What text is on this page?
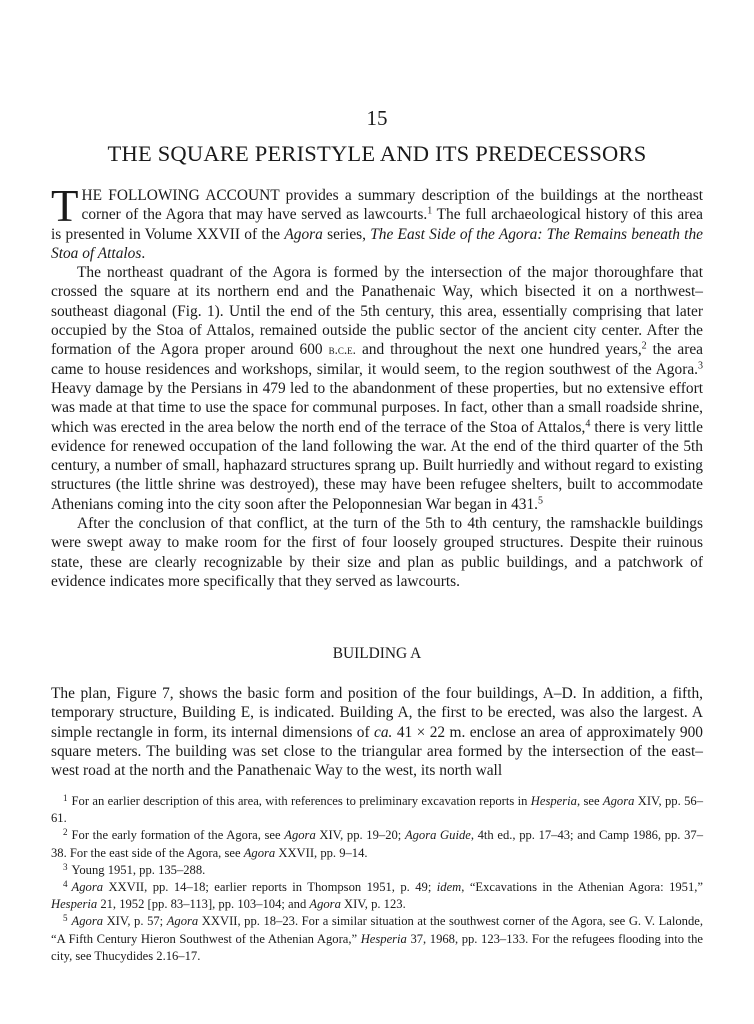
15
THE SQUARE PERISTYLE AND ITS PREDECESSORS

THE FOLLOWING ACCOUNT provides a summary description of the buildings at the northeast corner of the Agora that may have served as lawcourts.$^1$ The full archaeological history of this area is presented in Volume XXVII of the Agora series, The East Side of the Agora: The Remains beneath the Stoa of Attalos.

The northeast quadrant of the Agora is formed by the intersection of the major thoroughfare that crossed the square at its northern end and the Panathenaic Way, which bisected it on a northwest–southeast diagonal (Fig. 1). Until the end of the 5th century, this area, essentially comprising that later occupied by the Stoa of Attalos, remained outside the public sector of the ancient city center. After the formation of the Agora proper around 600 b.c.e. and throughout the next one hundred years,$^2$ the area came to house residences and workshops, similar, it would seem, to the region southwest of the Agora.$^3$ Heavy damage by the Persians in 479 led to the abandonment of these properties, but no extensive effort was made at that time to use the space for communal purposes. In fact, other than a small roadside shrine, which was erected in the area below the north end of the terrace of the Stoa of Attalos,$^4$ there is very little evidence for renewed occupation of the land following the war. At the end of the third quarter of the 5th century, a number of small, haphazard structures sprang up. Built hurriedly and without regard to existing structures (the little shrine was destroyed), these may have been refugee shelters, built to accommodate Athenians coming into the city soon after the Peloponnesian War began in 431.$^5$

After the conclusion of that conflict, at the turn of the 5th to 4th century, the ramshackle buildings were swept away to make room for the first of four loosely grouped structures. Despite their ruinous state, these are clearly recognizable by their size and plan as public buildings, and a patchwork of evidence indicates more specifically that they served as lawcourts.

BUILDING A

The plan, Figure 7, shows the basic form and position of the four buildings, A–D. In addition, a fifth, temporary structure, Building E, is indicated. Building A, the first to be erected, was also the largest. A simple rectangle in form, its internal dimensions of ca. 41 × 22 m. enclose an area of approximately 900 square meters. The building was set close to the triangular area formed by the intersection of the east–west road at the north and the Panathenaic Way to the west, its north wall

$^1$ For an earlier description of this area, with references to preliminary excavation reports in Hesperia, see Agora XIV, pp. 56–61.

$^2$ For the early formation of the Agora, see Agora XIV, pp. 19–20; Agora Guide, 4th ed., pp. 17–43; and Camp 1986, pp. 37–38. For the east side of the Agora, see Agora XXVII, pp. 9–14.

$^3$ Young 1951, pp. 135–288.

$^4$ Agora XXVII, pp. 14–18; earlier reports in Thompson 1951, p. 49; idem, “Excavations in the Athenian Agora: 1951,” Hesperia 21, 1952 [pp. 83–113], pp. 103–104; and Agora XIV, p. 123.

$^5$ Agora XIV, p. 57; Agora XXVII, pp. 18–23. For a similar situation at the southwest corner of the Agora, see G. V. Lalonde, “A Fifth Century Hieron Southwest of the Athenian Agora,” Hesperia 37, 1968, pp. 123–133. For the refugees flooding into the city, see Thucydides 2.16–17.
